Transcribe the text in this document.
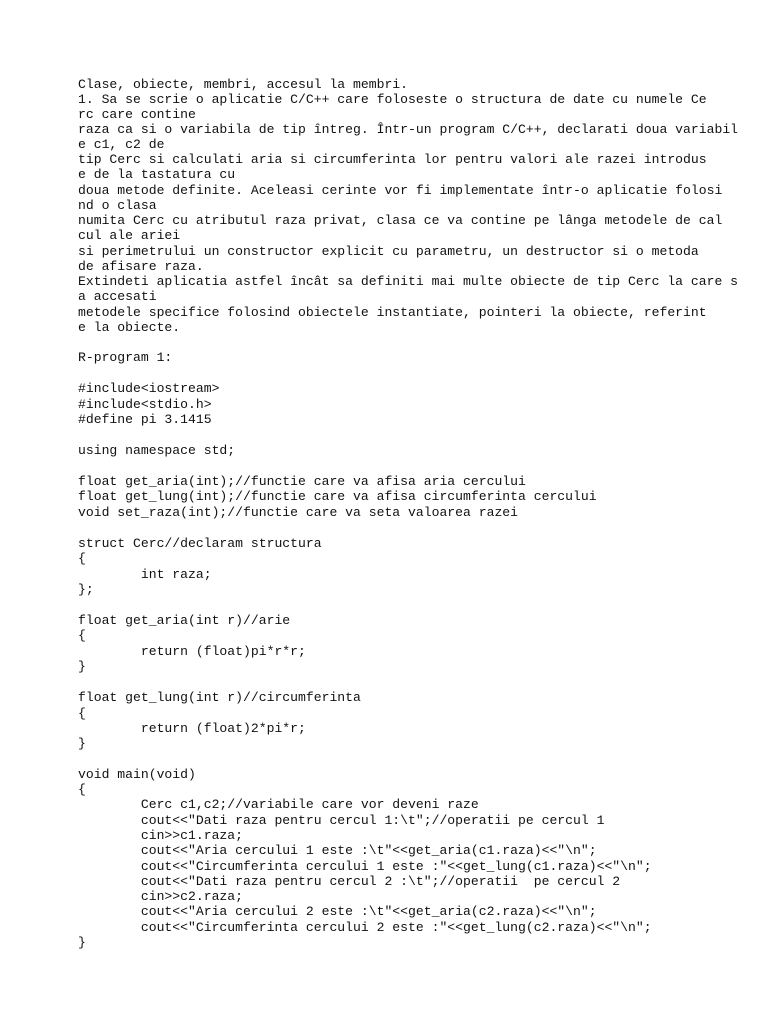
Clase, obiecte, membri, accesul la membri.

1. Sa se scrie o aplicatie C/C++ care foloseste o structura de date cu numele Ce

rc care contine

raza ca si o variabila de tip întreg. Într-un program C/C++, declarati doua variabil

e c1, c2 de

tip Cerc si calculati aria si circumferinta lor pentru valori ale razei introdus

e de la tastatura cu

doua metode definite. Aceleasi cerinte vor fi implementate într-o aplicatie folosi

nd o clasa

numita Cerc cu atributul raza privat, clasa ce va contine pe lânga metodele de cal

cul ale ariei

si perimetrului un constructor explicit cu parametru, un destructor si o metoda

de afisare raza.

Extindeti aplicatia astfel încât sa definiti mai multe obiecte de tip Cerc la care s

a accesati

metodele specifice folosind obiectele instantiate, pointeri la obiecte, referint

e la obiecte.

R-program 1:

#include<iostream>

#include<stdio.h>

#define pi 3.1415

using namespace std;

float get_aria(int);//functie care va afisa aria cercului

float get_lung(int);//functie care va afisa circumferinta cercului

void set_raza(int);//functie care va seta valoarea razei

struct Cerc//declaram structura

{

int raza;

};

float get_aria(int r)//arie

{

return (float)pi*r*r;

}

float get_lung(int r)//circumferinta

{

return (float)2*pi*r;

}

void main(void)

{

Cerc c1,c2;//variabile care vor deveni raze

cout<<"Dati raza pentru cercul 1:\t";//operatii pe cercul 1

cin>>c1.raza;

cout<<"Aria cercului 1 este :\t"<<get_aria(c1.raza)<<"\n";

cout<<"Circumferinta cercului 1 este :"<<get_lung(c1.raza)<<"\n";

cout<<"Dati raza pentru cercul 2 :\t";//operatii  pe cercul 2

cin>>c2.raza;

cout<<"Aria cercului 2 este :\t"<<get_aria(c2.raza)<<"\n";

cout<<"Circumferinta cercului 2 este :"<<get_lung(c2.raza)<<"\n";

}
